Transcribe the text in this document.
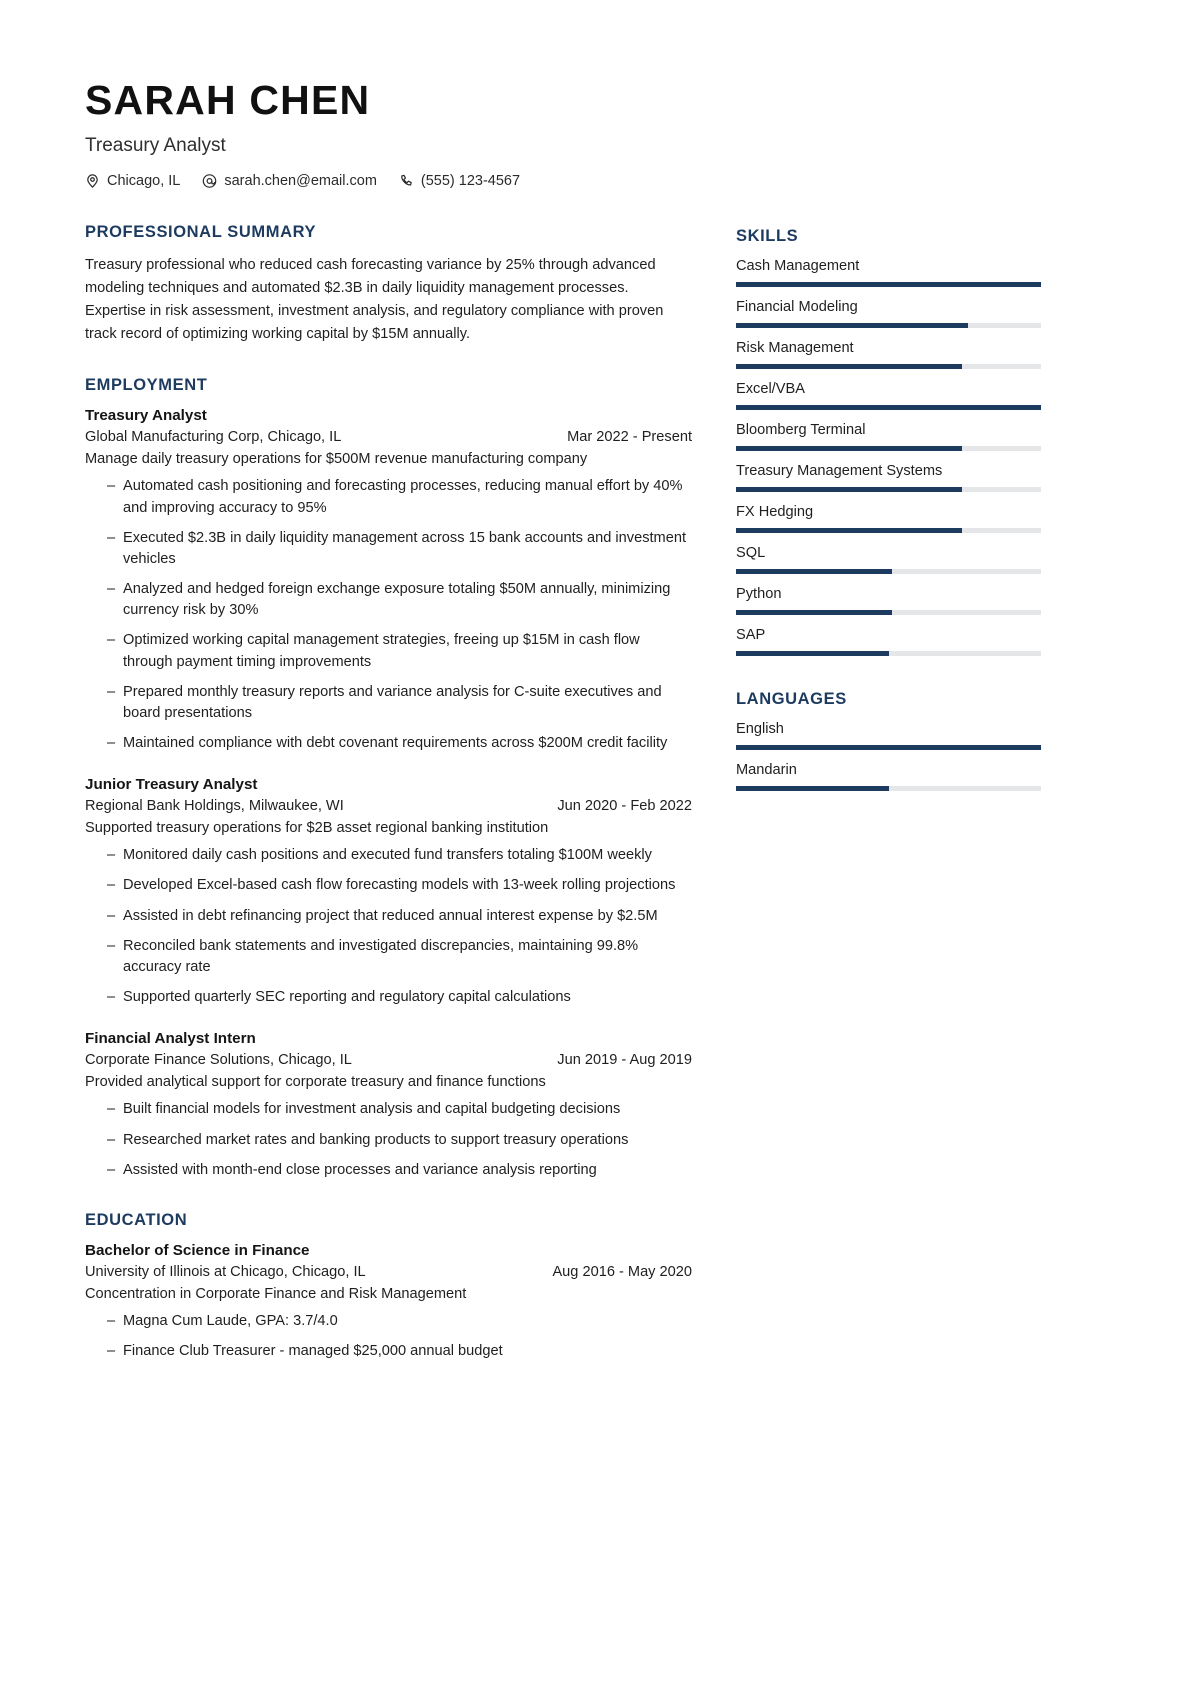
SARAH CHEN
Treasury Analyst
Chicago, IL	sarah.chen@email.com	(555) 123-4567
PROFESSIONAL SUMMARY
Treasury professional who reduced cash forecasting variance by 25% through advanced modeling techniques and automated $2.3B in daily liquidity management processes. Expertise in risk assessment, investment analysis, and regulatory compliance with proven track record of optimizing working capital by $15M annually.
EMPLOYMENT
Treasury Analyst
Global Manufacturing Corp, Chicago, IL	Mar 2022 - Present
Manage daily treasury operations for $500M revenue manufacturing company
– Automated cash positioning and forecasting processes, reducing manual effort by 40% and improving accuracy to 95%
– Executed $2.3B in daily liquidity management across 15 bank accounts and investment vehicles
– Analyzed and hedged foreign exchange exposure totaling $50M annually, minimizing currency risk by 30%
– Optimized working capital management strategies, freeing up $15M in cash flow through payment timing improvements
– Prepared monthly treasury reports and variance analysis for C-suite executives and board presentations
– Maintained compliance with debt covenant requirements across $200M credit facility
Junior Treasury Analyst
Regional Bank Holdings, Milwaukee, WI	Jun 2020 - Feb 2022
Supported treasury operations for $2B asset regional banking institution
– Monitored daily cash positions and executed fund transfers totaling $100M weekly
– Developed Excel-based cash flow forecasting models with 13-week rolling projections
– Assisted in debt refinancing project that reduced annual interest expense by $2.5M
– Reconciled bank statements and investigated discrepancies, maintaining 99.8% accuracy rate
– Supported quarterly SEC reporting and regulatory capital calculations
Financial Analyst Intern
Corporate Finance Solutions, Chicago, IL	Jun 2019 - Aug 2019
Provided analytical support for corporate treasury and finance functions
– Built financial models for investment analysis and capital budgeting decisions
– Researched market rates and banking products to support treasury operations
– Assisted with month-end close processes and variance analysis reporting
EDUCATION
Bachelor of Science in Finance
University of Illinois at Chicago, Chicago, IL	Aug 2016 - May 2020
Concentration in Corporate Finance and Risk Management
– Magna Cum Laude, GPA: 3.7/4.0
– Finance Club Treasurer - managed $25,000 annual budget
SKILLS
Cash Management
Financial Modeling
Risk Management
Excel/VBA
Bloomberg Terminal
Treasury Management Systems
FX Hedging
SQL
Python
SAP
LANGUAGES
English
Mandarin
